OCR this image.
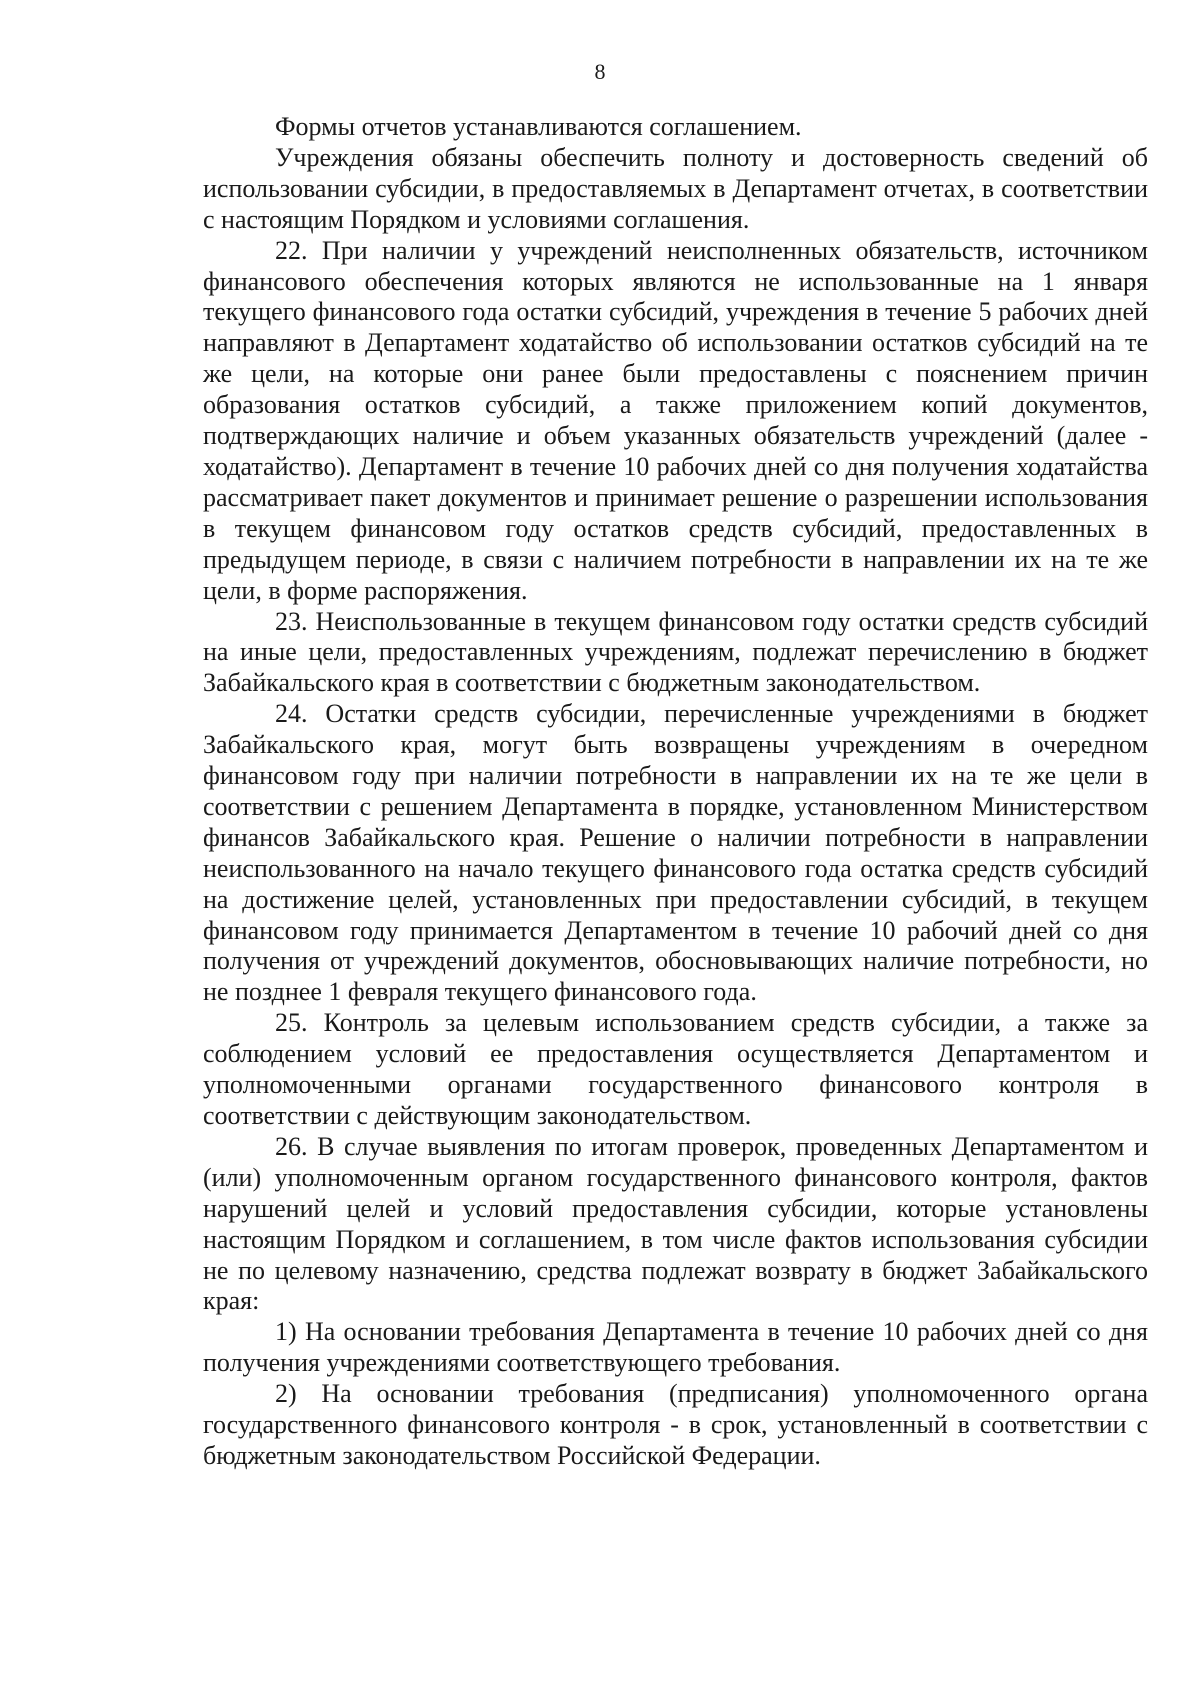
8

Формы отчетов устанавливаются соглашением.

Учреждения обязаны обеспечить полноту и достоверность сведений об использовании субсидии, в предоставляемых в Департамент отчетах, в соответствии с настоящим Порядком и условиями соглашения.

22. При наличии у учреждений неисполненных обязательств, источником финансового обеспечения которых являются не использованные на 1 января текущего финансового года остатки субсидий, учреждения в течение 5 рабочих дней направляют в Департамент ходатайство об использовании остатков субсидий на те же цели, на которые они ранее были предоставлены с пояснением причин образования остатков субсидий, а также приложением копий документов, подтверждающих наличие и объем указанных обязательств учреждений (далее - ходатайство). Департамент в течение 10 рабочих дней со дня получения ходатайства рассматривает пакет документов и принимает решение о разрешении использования в текущем финансовом году остатков средств субсидий, предоставленных в предыдущем периоде, в связи с наличием потребности в направлении их на те же цели, в форме распоряжения.

23. Неиспользованные в текущем финансовом году остатки средств субсидий на иные цели, предоставленных учреждениям, подлежат перечислению в бюджет Забайкальского края в соответствии с бюджетным законодательством.

24. Остатки средств субсидии, перечисленные учреждениями в бюджет Забайкальского края, могут быть возвращены учреждениям в очередном финансовом году при наличии потребности в направлении их на те же цели в соответствии с решением Департамента в порядке, установленном Министерством финансов Забайкальского края. Решение о наличии потребности в направлении неиспользованного на начало текущего финансового года остатка средств субсидий на достижение целей, установленных при предоставлении субсидий, в текущем финансовом году принимается Департаментом в течение 10 рабочий дней со дня получения от учреждений документов, обосновывающих наличие потребности, но не позднее 1 февраля текущего финансового года.

25. Контроль за целевым использованием средств субсидии, а также за соблюдением условий ее предоставления осуществляется Департаментом и уполномоченными органами государственного финансового контроля в соответствии с действующим законодательством.

26. В случае выявления по итогам проверок, проведенных Департаментом и (или) уполномоченным органом государственного финансового контроля, фактов нарушений целей и условий предоставления субсидии, которые установлены настоящим Порядком и соглашением, в том числе фактов использования субсидии не по целевому назначению, средства подлежат возврату в бюджет Забайкальского края:

1) На основании требования Департамента в течение 10 рабочих дней со дня получения учреждениями соответствующего требования.

2) На основании требования (предписания) уполномоченного органа государственного финансового контроля - в срок, установленный в соответствии с бюджетным законодательством Российской Федерации.
